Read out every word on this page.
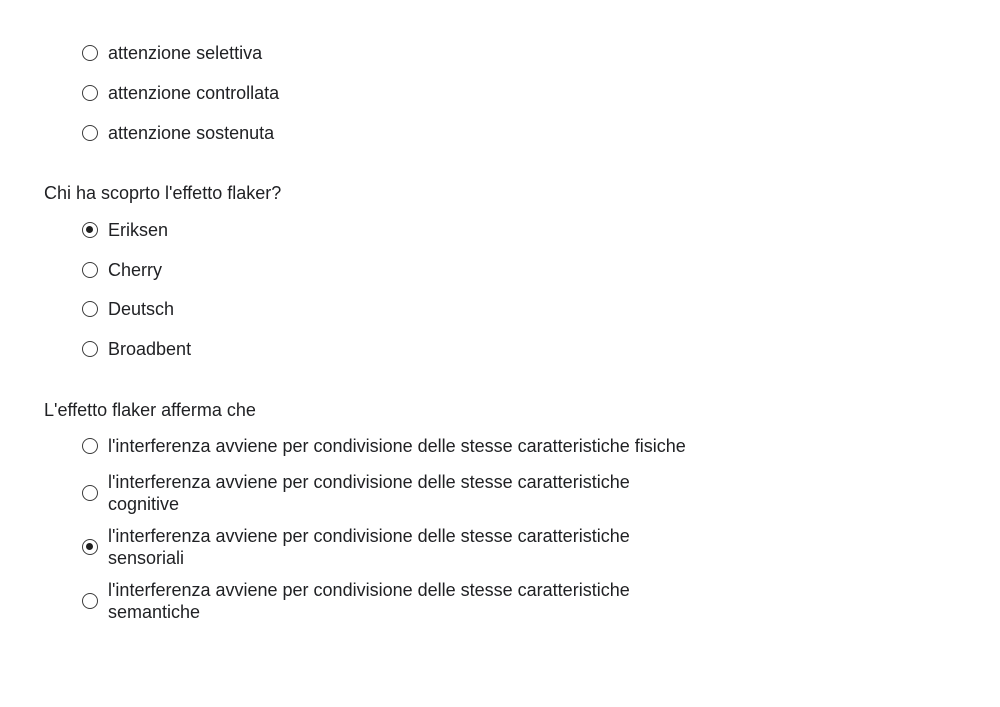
attenzione selettiva
attenzione controllata
attenzione sostenuta
Chi ha scoprto l'effetto flaker?
Eriksen
Cherry
Deutsch
Broadbent
L'effetto flaker afferma che
l'interferenza avviene per condivisione delle stesse caratteristiche fisiche
l'interferenza avviene per condivisione delle stesse caratteristiche cognitive
l'interferenza avviene per condivisione delle stesse caratteristiche sensoriali
l'interferenza avviene per condivisione delle stesse caratteristiche semantiche
